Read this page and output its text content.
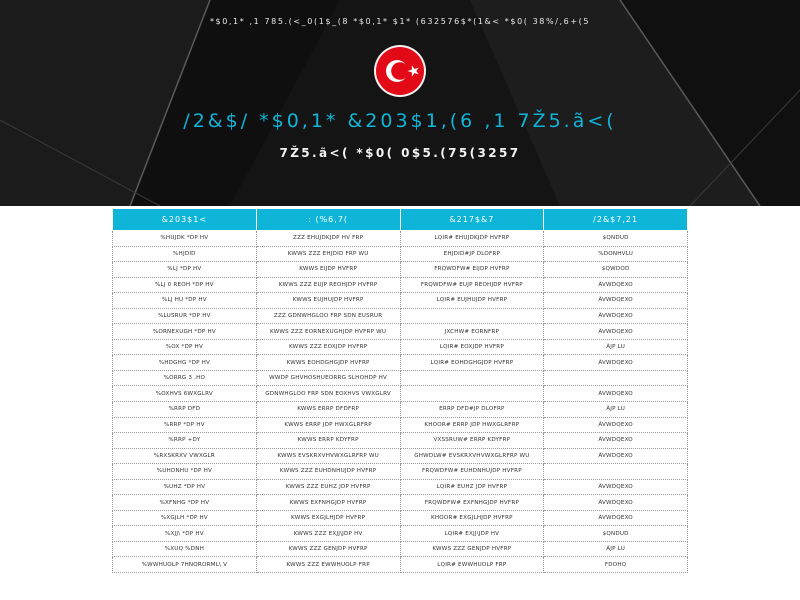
*$0,1* ,1 785.(<_0(1$_(8 *$0,1* $1* (632576$*(1&< *$0( 38%/,6+(5
/2&$/ *$0,1* &203$1,(6 ,1 7Ž5.ã<(
7Ž5.ã<( *$0( 0$5.(75(3257
&203$1<	: (%6,7(	&217$&7	/2&$7,21
%HUJDK *DP HV	ZZZ EHUJDKJDP HV FRP	LQIR# EHUJDKJDP HVFRP	$QNDUD
%HJDID	KWWS ZZZ EHJDID FRP WU	EHJDID#JP DLOFRP	%DONHVLU
%LJ *DP HV	KWWS EIJDP HVFRP	FRQWDFW# EIJDP HVFRP	$QWDOD
%LJ 0 REOH *DP HV	KWWS ZZZ EUJP REOHJDP HVFRP	FRQWDFW# EUJP REOHJDP HVFRP	ÃVWDQEXO
%LJ HU *DP HV	KWWS EUJHUJDP HVFRP	LQIR# EUJHUJDP HVFRP	ÃVWDQEXO
%LUSRUR *DP HV	ZZZ GDNWHGLOO FRP SDN EUSRUR		ÃVWDQEXO
%ORNEXUGH *DP HV	KWWS ZZZ EORNEXUGHJDP HVFRP WU	JXCHW# EORNFRP	ÃVWDQEXO
%OX *DP HV	KWWS ZZZ EOXJDP HVFRP	LQIR# EOXJDP HVFRP	ÃJP LU
%HDGHG *DP HV	KWWS EOHDGHGJDP HVFRP	LQIR# EOHDGHGJDP HVFRP	ÃVWDQEXO
%ORRG 3 ,HO	WWDP GHVHOSHUEORRG SLHOHDP HV		
%OXHVS 6WXGLRV	GDNWHGLOO FRP SDN EOXHVS VWXGLRV		ÃVWDQEXO
%RRP DFD	KWWS ERRP DFDFRP	ERRP DFD#JP DLOFRP	ÃJP LU
%RRP *DP HV	KWWS ERRP JDP HWXGLRFRP	KHOOR# ERRP JDP HWXGLRFRP	ÃVWDQEXO
%RRP +DY	KWWS ERRP KDYFRP	VXSSRUW# ERRP KDYFRP	ÃVWDQEXO
%RXSKRXV VWXGLR	KWWS EVSKRXVHVWXGLRFRP WU	GHWDLW# EVSKRXVHVWXGLRFRP WU	ÃVWDQEXO
%UHDNHU *DP HV	KWWS ZZZ EUHDNHUJDP HVFRP	FRQWDFW# EUHDNHUJDP HVFRP	
%UHZ *DP HV	KWWS ZZZ EUHZ JDP HVFRP	LQIR# EUHZ JDP HVFRP	ÃVWDQEXO
%XFNHG *DP HV	KWWS EXFNHGJDP HVFRP	FRQWDFW# EXFNHGJDP HVFRP	ÃVWDQEXO
%XGJLH *DP HV	KWWS EXGJLHJDP HVFRP	KHOOR# EXGJLHJDP HVFRP	ÃVWDQEXO
%XJJ\ *DP HV	KWWS ZZZ EXJJ\JDP HV	LQIR# EXJJ\JDP HV	$QNDUD
%XUQ %DNH	KWWS ZZZ GENJDP HVFRP	KWWS ZZZ GENJDP HVFRP	ÃJP LU
%WWHUOLP 7HNQRORML\ V	KWWS ZZZ EWWHUOLP FRP	LQIR# EWWHUOLP FRP	FDOHQ
